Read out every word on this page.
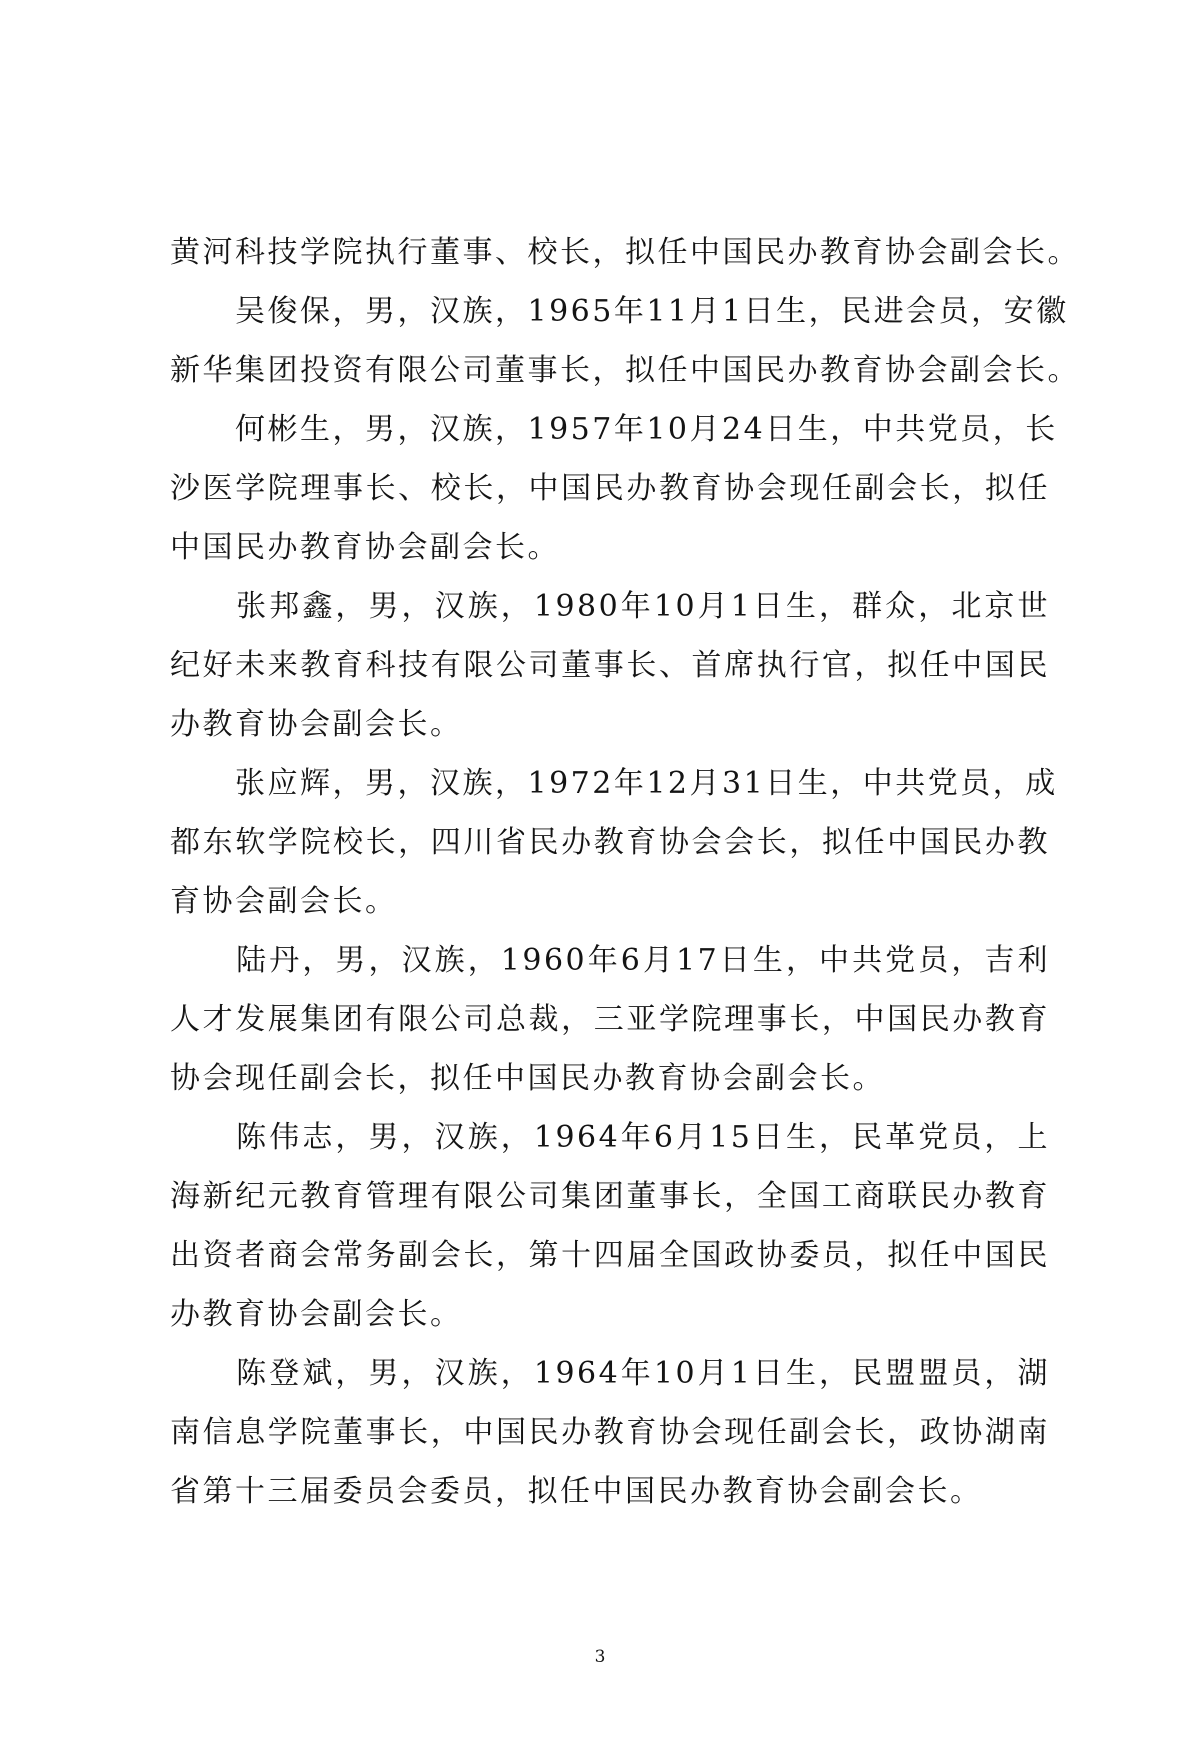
黄河科技学院执行董事、校长，拟任中国民办教育协会副会长。
　　吴俊保，男，汉族，1965年11月1日生，民进会员，安徽
新华集团投资有限公司董事长，拟任中国民办教育协会副会长。
　　何彬生，男，汉族，1957年10月24日生，中共党员，长
沙医学院理事长、校长，中国民办教育协会现任副会长，拟任
中国民办教育协会副会长。
　　张邦鑫，男，汉族，1980年10月1日生，群众，北京世
纪好未来教育科技有限公司董事长、首席执行官，拟任中国民
办教育协会副会长。
　　张应辉，男，汉族，1972年12月31日生，中共党员，成
都东软学院校长，四川省民办教育协会会长，拟任中国民办教
育协会副会长。
　　陆丹，男，汉族，1960年6月17日生，中共党员，吉利
人才发展集团有限公司总裁，三亚学院理事长，中国民办教育
协会现任副会长，拟任中国民办教育协会副会长。
　　陈伟志，男，汉族，1964年6月15日生，民革党员，上
海新纪元教育管理有限公司集团董事长，全国工商联民办教育
出资者商会常务副会长，第十四届全国政协委员，拟任中国民
办教育协会副会长。
　　陈登斌，男，汉族，1964年10月1日生，民盟盟员，湖
南信息学院董事长，中国民办教育协会现任副会长，政协湖南
省第十三届委员会委员，拟任中国民办教育协会副会长。
3
